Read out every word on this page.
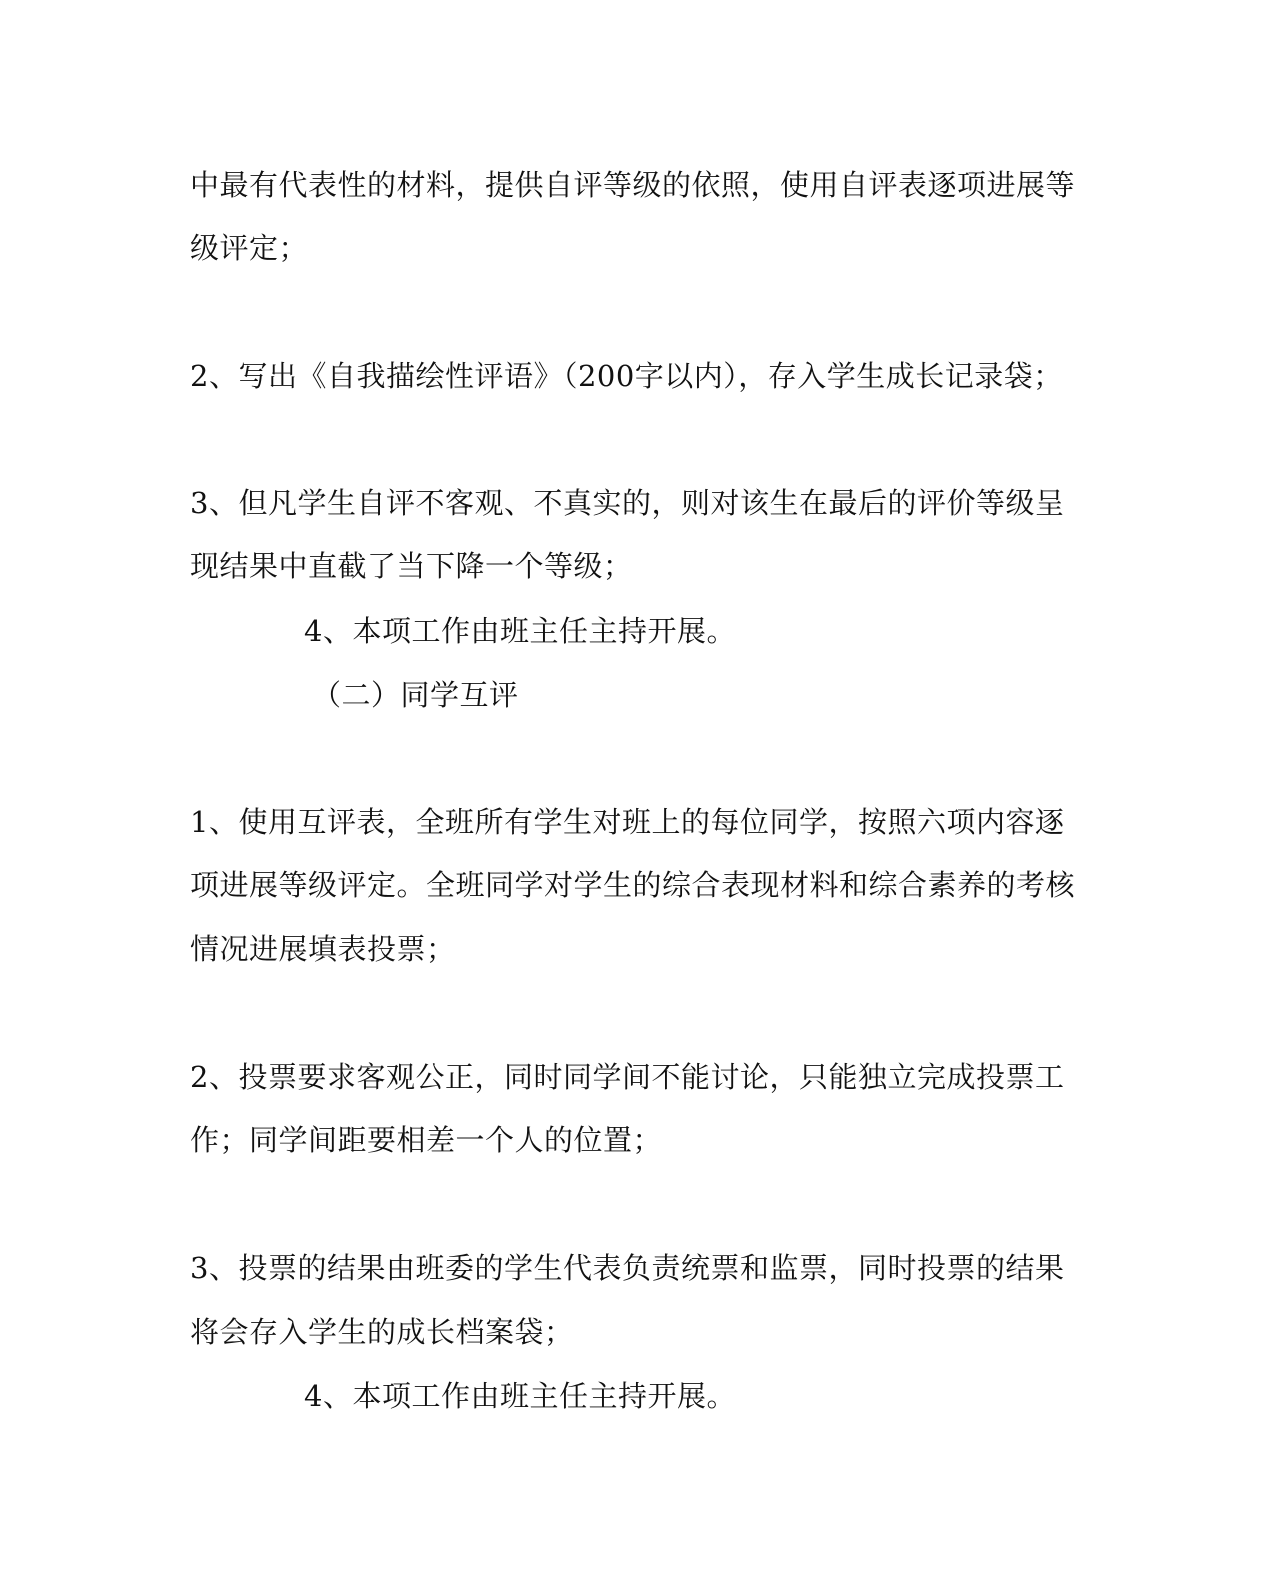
中最有代表性的材料，提供自评等级的依照，使用自评表逐项进展等
级评定；
2、写出《自我描绘性评语》（200字以内），存入学生成长记录袋；
3、但凡学生自评不客观、不真实的，则对该生在最后的评价等级呈
现结果中直截了当下降一个等级；
4、本项工作由班主任主持开展。
（二）同学互评
1、使用互评表，全班所有学生对班上的每位同学，按照六项内容逐
项进展等级评定。全班同学对学生的综合表现材料和综合素养的考核
情况进展填表投票；
2、投票要求客观公正，同时同学间不能讨论，只能独立完成投票工
作；同学间距要相差一个人的位置；
3、投票的结果由班委的学生代表负责统票和监票，同时投票的结果
将会存入学生的成长档案袋；
4、本项工作由班主任主持开展。
